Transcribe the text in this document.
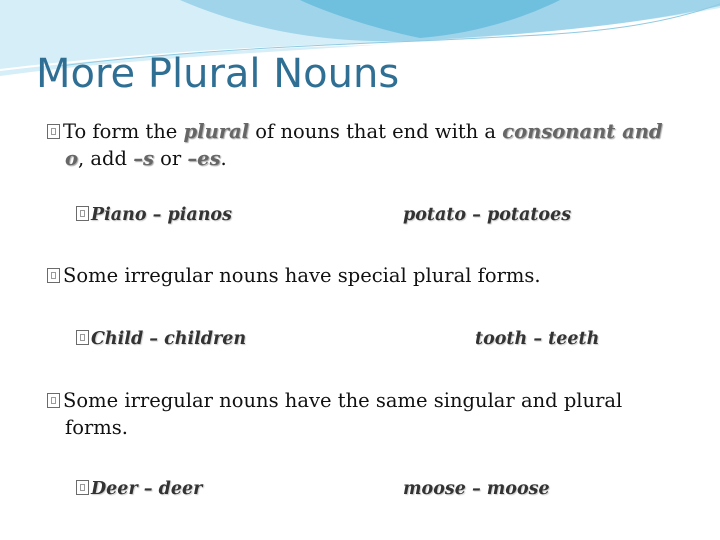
More Plural Nouns
To form the plural of nouns that end with a consonant and o, add –s or –es.
Piano – pianos	potato – potatoes
Some irregular nouns have special plural forms.
Child – children	tooth – teeth
Some irregular nouns have the same singular and plural forms.
Deer – deer	moose – moose
